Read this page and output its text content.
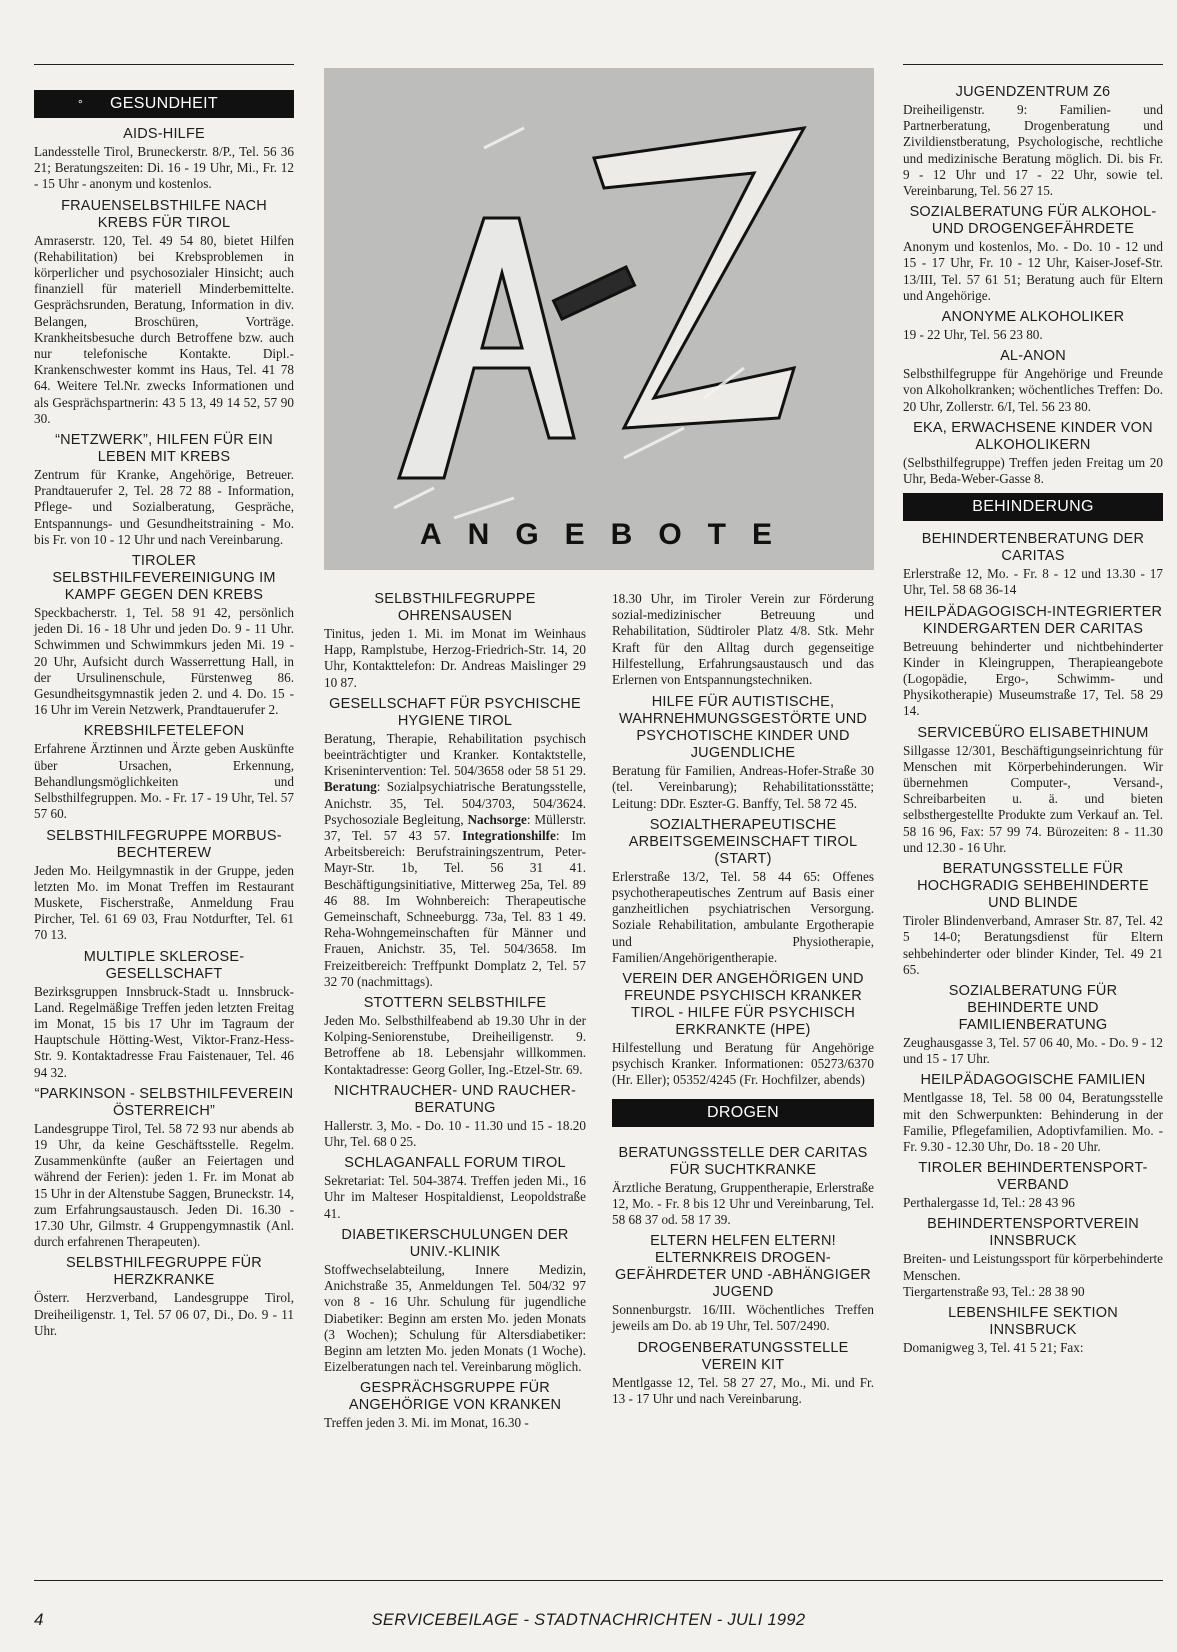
° GESUNDHEIT
AIDS-HILFE

Landesstelle Tirol, Bruneckerstr. 8/P., Tel. 56 36 21; Beratungszeiten: Di. 16 - 19 Uhr, Mi., Fr. 12 - 15 Uhr - anonym und kostenlos.

FRAUENSELBSTHILFE NACH KREBS FÜR TIROL

Amraserstr. 120, Tel. 49 54 80, bietet Hilfen (Rehabilitation) bei Krebsproblemen in körperlicher und psychosozialer Hinsicht; auch finanziell für materiell Minderbemittelte. Gesprächsrunden, Beratung, Information in div. Belangen, Broschüren, Vorträge. Krankheitsbesuche durch Betroffene bzw. auch nur telefonische Kontakte. Dipl.-Krankenschwester kommt ins Haus, Tel. 41 78 64. Weitere Tel.Nr. zwecks Informationen und als Gesprächspartnerin: 43 5 13, 49 14 52, 57 90 30.

“NETZWERK”, HILFEN FÜR EIN LEBEN MIT KREBS

Zentrum für Kranke, Angehörige, Betreuer. Prandtauerufer 2, Tel. 28 72 88 - Information, Pflege- und Sozialberatung, Gespräche, Entspannungs- und Gesundheitstraining - Mo. bis Fr. von 10 - 12 Uhr und nach Vereinbarung.

TIROLER SELBSTHILFEVEREINIGUNG IM KAMPF GEGEN DEN KREBS

Speckbacherstr. 1, Tel. 58 91 42, persönlich jeden Di. 16 - 18 Uhr und jeden Do. 9 - 11 Uhr. Schwimmen und Schwimmkurs jeden Mi. 19 - 20 Uhr, Aufsicht durch Wasserrettung Hall, in der Ursulinenschule, Fürstenweg 86. Gesundheitsgymnastik jeden 2. und 4. Do. 15 - 16 Uhr im Verein Netzwerk, Prandtauerufer 2.

KREBSHILFETELEFON

Erfahrene Ärztinnen und Ärzte geben Auskünfte über Ursachen, Erkennung, Behandlungsmöglichkeiten und Selbsthilfegruppen. Mo. - Fr. 17 - 19 Uhr, Tel. 57 57 60.

SELBSTHILFEGRUPPE MORBUS-BECHTEREW

Jeden Mo. Heilgymnastik in der Gruppe, jeden letzten Mo. im Monat Treffen im Restaurant Muskete, Fischerstraße, Anmeldung Frau Pircher, Tel. 61 69 03, Frau Notdurfter, Tel. 61 70 13.

MULTIPLE SKLEROSE-GESELLSCHAFT

Bezirksgruppen Innsbruck-Stadt u. Innsbruck-Land. Regelmäßige Treffen jeden letzten Freitag im Monat, 15 bis 17 Uhr im Tagraum der Hauptschule Hötting-West, Viktor-Franz-Hess-Str. 9. Kontaktadresse Frau Faistenauer, Tel. 46 94 32.

“PARKINSON - SELBSTHILFEVEREIN ÖSTERREICH”

Landesgruppe Tirol, Tel. 58 72 93 nur abends ab 19 Uhr, da keine Geschäftsstelle. Regelm. Zusammenkünfte (außer an Feiertagen und während der Ferien): jeden 1. Fr. im Monat ab 15 Uhr in der Altenstube Saggen, Bruneckstr. 14, zum Erfahrungsaustausch. Jeden Di. 16.30 - 17.30 Uhr, Gilmstr. 4 Gruppengymnastik (Anl. durch erfahrenen Therapeuten).

SELBSTHILFEGRUPPE FÜR HERZKRANKE

Österr. Herzverband, Landesgruppe Tirol, Dreiheiligenstr. 1, Tel. 57 06 07, Di., Do. 9 - 11 Uhr.

ANGEBOTE
SELBSTHILFEGRUPPE OHRENSAUSEN

Tinitus, jeden 1. Mi. im Monat im Weinhaus Happ, Ramplstube, Herzog-Friedrich-Str. 14, 20 Uhr, Kontakttelefon: Dr. Andreas Maislinger 29 10 87.

GESELLSCHAFT FÜR PSYCHISCHE HYGIENE TIROL

Beratung, Therapie, Rehabilitation psychisch beeinträchtigter und Kranker. Kontaktstelle, Krisenintervention: Tel. 504/3658 oder 58 51 29. Beratung: Sozialpsychiatrische Beratungsstelle, Anichstr. 35, Tel. 504/3703, 504/3624. Psychosoziale Begleitung, Nachsorge: Müllerstr. 37, Tel. 57 43 57. Integrationshilfe: Im Arbeitsbereich: Berufstrainingszentrum, Peter-Mayr-Str. 1b, Tel. 56 31 41. Beschäftigungsinitiative, Mitterweg 25a, Tel. 89 46 88. Im Wohnbereich: Therapeutische Gemeinschaft, Schneeburgg. 73a, Tel. 83 1 49. Reha-Wohngemeinschaften für Männer und Frauen, Anichstr. 35, Tel. 504/3658. Im Freizeitbereich: Treffpunkt Domplatz 2, Tel. 57 32 70 (nachmittags).

STOTTERN SELBSTHILFE

Jeden Mo. Selbsthilfeabend ab 19.30 Uhr in der Kolping-Seniorenstube, Dreiheiligenstr. 9. Betroffene ab 18. Lebensjahr willkommen. Kontaktadresse: Georg Goller, Ing.-Etzel-Str. 69.

NICHTRAUCHER- UND RAUCHER-BERATUNG

Hallerstr. 3, Mo. - Do. 10 - 11.30 und 15 - 18.20 Uhr, Tel. 68 0 25.

SCHLAGANFALL FORUM TIROL

Sekretariat: Tel. 504-3874. Treffen jeden Mi., 16 Uhr im Malteser Hospitaldienst, Leopoldstraße 41.

DIABETIKERSCHULUNGEN DER UNIV.-KLINIK

Stoffwechselabteilung, Innere Medizin, Anichstraße 35, Anmeldungen Tel. 504/32 97 von 8 - 16 Uhr. Schulung für jugendliche Diabetiker: Beginn am ersten Mo. jeden Monats (3 Wochen); Schulung für Altersdiabetiker: Beginn am letzten Mo. jeden Monats (1 Woche). Eizelberatungen nach tel. Vereinbarung möglich.

GESPRÄCHSGRUPPE FÜR ANGEHÖRIGE VON KRANKEN

Treffen jeden 3. Mi. im Monat, 16.30 -

18.30 Uhr, im Tiroler Verein zur Förderung sozial-medizinischer Betreuung und Rehabilitation, Südtiroler Platz 4/8. Stk. Mehr Kraft für den Alltag durch gegenseitige Hilfestellung, Erfahrungsaustausch und das Erlernen von Entspannungstechniken.

HILFE FÜR AUTISTISCHE, WAHRNEHMUNGSGESTÖRTE UND PSYCHOTISCHE KINDER UND JUGENDLICHE

Beratung für Familien, Andreas-Hofer-Straße 30 (tel. Vereinbarung); Rehabilitationsstätte; Leitung: DDr. Eszter-G. Banffy, Tel. 58 72 45.

SOZIALTHERAPEUTISCHE ARBEITSGEMEINSCHAFT TIROL (START)

Erlerstraße 13/2, Tel. 58 44 65: Offenes psychotherapeutisches Zentrum auf Basis einer ganzheitlichen psychiatrischen Versorgung. Soziale Rehabilitation, ambulante Ergotherapie und Physiotherapie, Familien/Angehörigentherapie.

VEREIN DER ANGEHÖRIGEN UND FREUNDE PSYCHISCH KRANKER TIROL - HILFE FÜR PSYCHISCH ERKRANKTE (HPE)

Hilfestellung und Beratung für Angehörige psychisch Kranker. Informationen: 05273/6370 (Hr. Eller); 05352/4245 (Fr. Hochfilzer, abends)

DROGEN
BERATUNGSSTELLE DER CARITAS FÜR SUCHTKRANKE

Ärztliche Beratung, Gruppentherapie, Erlerstraße 12, Mo. - Fr. 8 bis 12 Uhr und Vereinbarung, Tel. 58 68 37 od. 58 17 39.

ELTERN HELFEN ELTERN! ELTERNKREIS DROGEN-GEFÄHRDETER UND -ABHÄNGIGER JUGEND

Sonnenburgstr. 16/III. Wöchentliches Treffen jeweils am Do. ab 19 Uhr, Tel. 507/2490.

DROGENBERATUNGSSTELLE VEREIN KIT

Mentlgasse 12, Tel. 58 27 27, Mo., Mi. und Fr. 13 - 17 Uhr und nach Vereinbarung.

JUGENDZENTRUM Z6

Dreiheiligenstr. 9: Familien- und Partnerberatung, Drogenberatung und Zivildienstberatung, Psychologische, rechtliche und medizinische Beratung möglich. Di. bis Fr. 9 - 12 Uhr und 17 - 22 Uhr, sowie tel. Vereinbarung, Tel. 56 27 15.

SOZIALBERATUNG FÜR ALKOHOL- UND DROGENGEFÄHRDETE

Anonym und kostenlos, Mo. - Do. 10 - 12 und 15 - 17 Uhr, Fr. 10 - 12 Uhr, Kaiser-Josef-Str. 13/III, Tel. 57 61 51; Beratung auch für Eltern und Angehörige.

ANONYME ALKOHOLIKER

19 - 22 Uhr, Tel. 56 23 80.

AL-ANON

Selbsthilfegruppe für Angehörige und Freunde von Alkoholkranken; wöchentliches Treffen: Do. 20 Uhr, Zollerstr. 6/I, Tel. 56 23 80.

EKA, ERWACHSENE KINDER VON ALKOHOLIKERN

(Selbsthilfegruppe) Treffen jeden Freitag um 20 Uhr, Beda-Weber-Gasse 8.

BEHINDERUNG
BEHINDERTENBERATUNG DER CARITAS

Erlerstraße 12, Mo. - Fr. 8 - 12 und 13.30 - 17 Uhr, Tel. 58 68 36-14

HEILPÄDAGOGISCH-INTEGRIERTER KINDERGARTEN DER CARITAS

Betreuung behinderter und nichtbehinderter Kinder in Kleingruppen, Therapieangebote (Logopädie, Ergo-, Schwimm- und Physikotherapie) Museumstraße 17, Tel. 58 29 14.

SERVICEBÜRO ELISABETHINUM

Sillgasse 12/301, Beschäftigungseinrichtung für Menschen mit Körperbehinderungen. Wir übernehmen Computer-, Versand-, Schreibarbeiten u. ä. und bieten selbsthergestellte Produkte zum Verkauf an. Tel. 58 16 96, Fax: 57 99 74. Bürozeiten: 8 - 11.30 und 12.30 - 16 Uhr.

BERATUNGSSTELLE FÜR HOCHGRADIG SEHBEHINDERTE UND BLINDE

Tiroler Blindenverband, Amraser Str. 87, Tel. 42 5 14-0; Beratungsdienst für Eltern sehbehinderter oder blinder Kinder, Tel. 49 21 65.

SOZIALBERATUNG FÜR BEHINDERTE UND FAMILIENBERATUNG

Zeughausgasse 3, Tel. 57 06 40, Mo. - Do. 9 - 12 und 15 - 17 Uhr.

HEILPÄDAGOGISCHE FAMILIEN

Mentlgasse 18, Tel. 58 00 04, Beratungsstelle mit den Schwerpunkten: Behinderung in der Familie, Pflegefamilien, Adoptivfamilien. Mo. - Fr. 9.30 - 12.30 Uhr, Do. 18 - 20 Uhr.

TIROLER BEHINDERTENSPORT-VERBAND

Perthalergasse 1d, Tel.: 28 43 96

BEHINDERTENSPORTVEREIN INNSBRUCK

Breiten- und Leistungssport für körperbehinderte Menschen.
Tiergartenstraße 93, Tel.: 28 38 90

LEBENSHILFE SEKTION INNSBRUCK

Domanigweg 3, Tel. 41 5 21; Fax:

4	SERVICEBEILAGE - STADTNACHRICHTEN - JULI 1992
